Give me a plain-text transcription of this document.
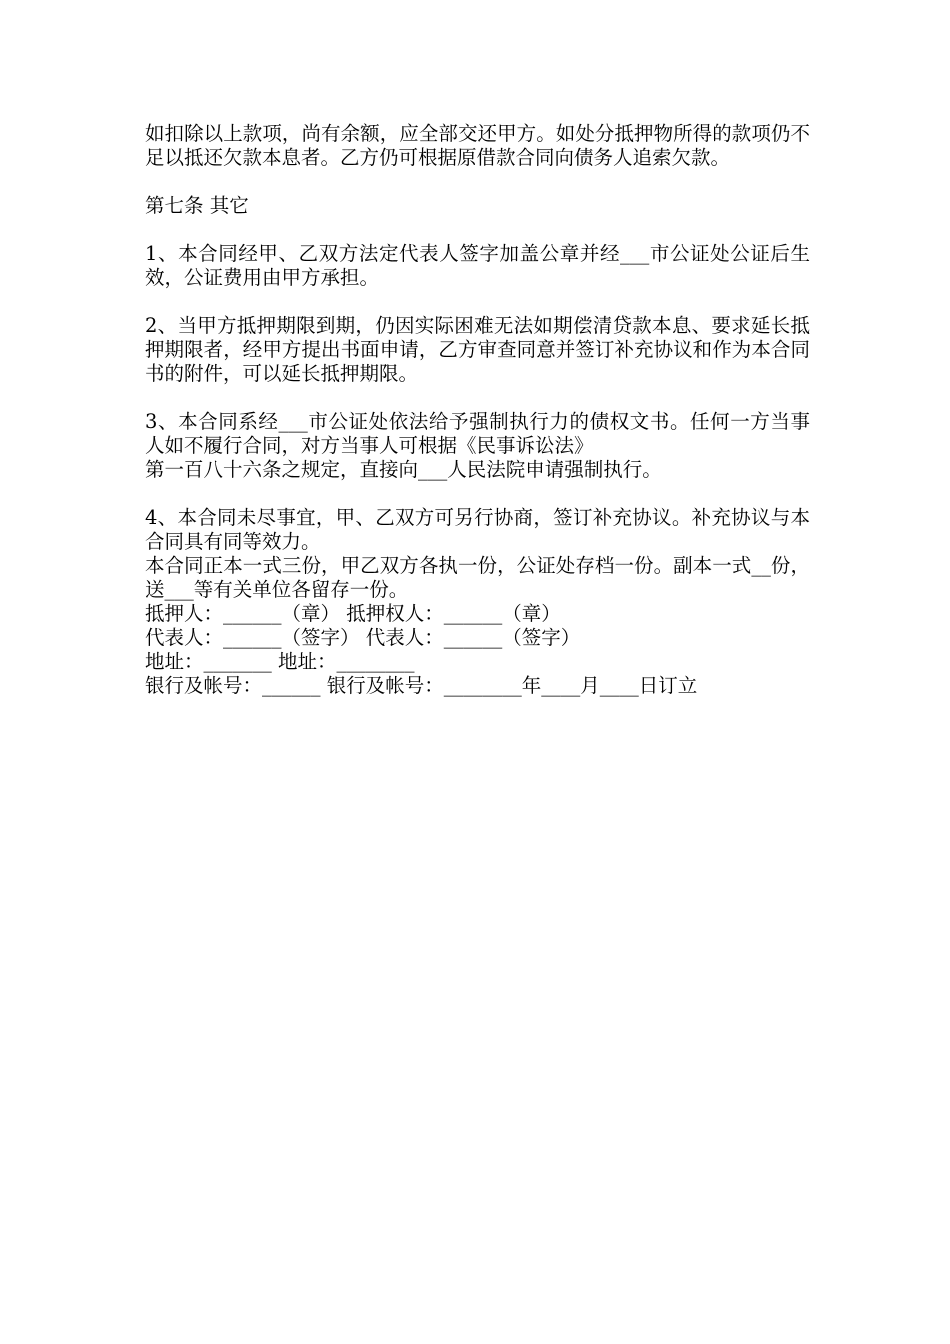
如扣除以上款项，尚有余额，应全部交还甲方。如处分抵押物所得的款项仍不足以抵还欠款本息者。乙方仍可根据原借款合同向债务人追索欠款。

第七条 其它

1、本合同经甲、乙双方法定代表人签字加盖公章并经___市公证处公证后生效，公证费用由甲方承担。

2、当甲方抵押期限到期，仍因实际困难无法如期偿清贷款本息、要求延长抵押期限者，经甲方提出书面申请，乙方审查同意并签订补充协议和作为本合同书的附件，可以延长抵押期限。

3、本合同系经___市公证处依法给予强制执行力的债权文书。任何一方当事人如不履行合同，对方当事人可根据《民事诉讼法》
第一百八十六条之规定，直接向___人民法院申请强制执行。

4、本合同未尽事宜，甲、乙双方可另行协商，签订补充协议。补充协议与本合同具有同等效力。

本合同正本一式三份，甲乙双方各执一份，公证处存档一份。副本一式__份，送___等有关单位各留存一份。

抵押人：______（章） 抵押权人：______（章）
代表人：______（签字） 代表人：______（签字）
地址：_______ 地址：________
银行及帐号：______ 银行及帐号：________年____月____日订立
